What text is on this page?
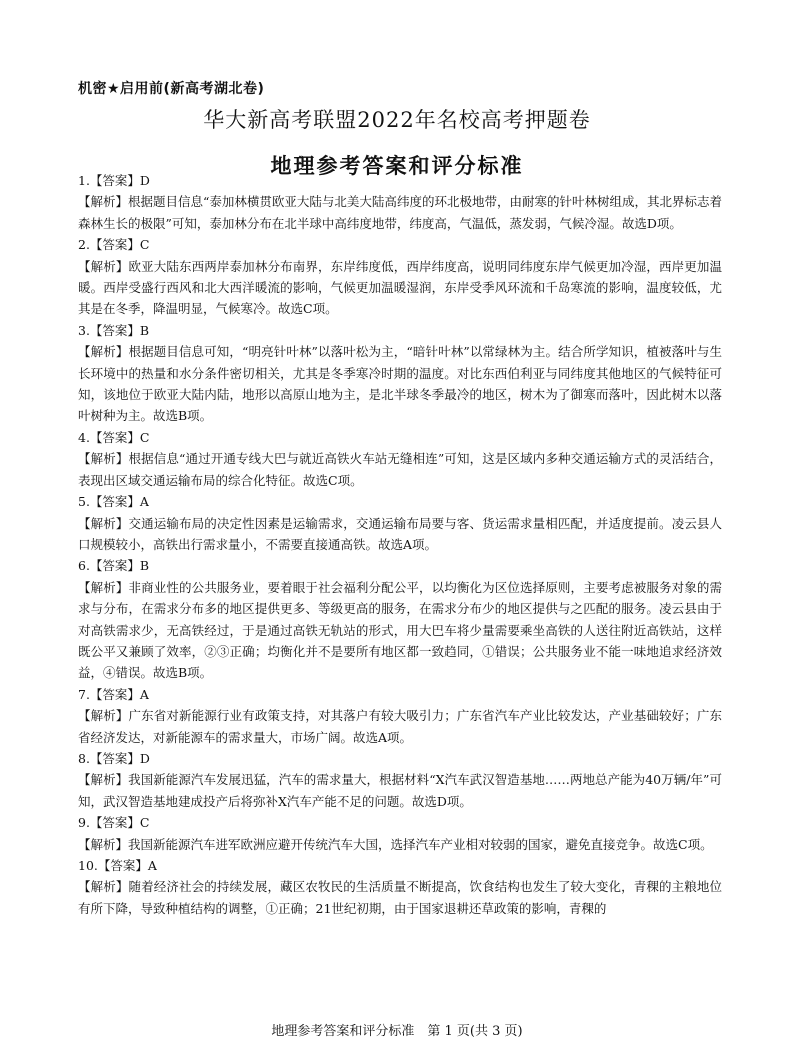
机密★启用前(新高考湖北卷)
华大新高考联盟2022年名校高考押题卷
地理参考答案和评分标准

1.【答案】D

【解析】根据题目信息“泰加林横贯欧亚大陆与北美大陆高纬度的环北极地带，由耐寒的针叶林树组成，其北界标志着森林生长的极限”可知，泰加林分布在北半球中高纬度地带，纬度高，气温低，蒸发弱，气候冷湿。故选D项。

2.【答案】C

【解析】欧亚大陆东西两岸泰加林分布南界，东岸纬度低，西岸纬度高，说明同纬度东岸气候更加冷湿，西岸更加温暖。西岸受盛行西风和北大西洋暖流的影响，气候更加温暖湿润，东岸受季风环流和千岛寒流的影响，温度较低，尤其是在冬季，降温明显，气候寒冷。故选C项。

3.【答案】B

【解析】根据题目信息可知，“明亮针叶林”以落叶松为主，“暗针叶林”以常绿林为主。结合所学知识，植被落叶与生长环境中的热量和水分条件密切相关，尤其是冬季寒冷时期的温度。对比东西伯利亚与同纬度其他地区的气候特征可知，该地位于欧亚大陆内陆，地形以高原山地为主，是北半球冬季最冷的地区，树木为了御寒而落叶，因此树木以落叶树种为主。故选B项。

4.【答案】C

【解析】根据信息“通过开通专线大巴与就近高铁火车站无缝相连”可知，这是区域内多种交通运输方式的灵活结合，表现出区域交通运输布局的综合化特征。故选C项。

5.【答案】A

【解析】交通运输布局的决定性因素是运输需求，交通运输布局要与客、货运需求量相匹配，并适度提前。凌云县人口规模较小，高铁出行需求量小，不需要直接通高铁。故选A项。

6.【答案】B

【解析】非商业性的公共服务业，要着眼于社会福利分配公平，以均衡化为区位选择原则，主要考虑被服务对象的需求与分布，在需求分布多的地区提供更多、等级更高的服务，在需求分布少的地区提供与之匹配的服务。凌云县由于对高铁需求少，无高铁经过，于是通过高铁无轨站的形式，用大巴车将少量需要乘坐高铁的人送往附近高铁站，这样既公平又兼顾了效率，②③正确；均衡化并不是要所有地区都一致趋同，①错误；公共服务业不能一味地追求经济效益，④错误。故选B项。

7.【答案】A

【解析】广东省对新能源行业有政策支持，对其落户有较大吸引力；广东省汽车产业比较发达，产业基础较好；广东省经济发达，对新能源车的需求量大，市场广阔。故选A项。

8.【答案】D

【解析】我国新能源汽车发展迅猛，汽车的需求量大，根据材料“X汽车武汉智造基地……两地总产能为40万辆/年”可知，武汉智造基地建成投产后将弥补X汽车产能不足的问题。故选D项。

9.【答案】C

【解析】我国新能源汽车进军欧洲应避开传统汽车大国，选择汽车产业相对较弱的国家，避免直接竞争。故选C项。

10.【答案】A

【解析】随着经济社会的持续发展，藏区农牧民的生活质量不断提高，饮食结构也发生了较大变化，青稞的主粮地位有所下降，导致种植结构的调整，①正确；21世纪初期，由于国家退耕还草政策的影响，青稞的

地理参考答案和评分标准　第 1 页(共 3 页)
